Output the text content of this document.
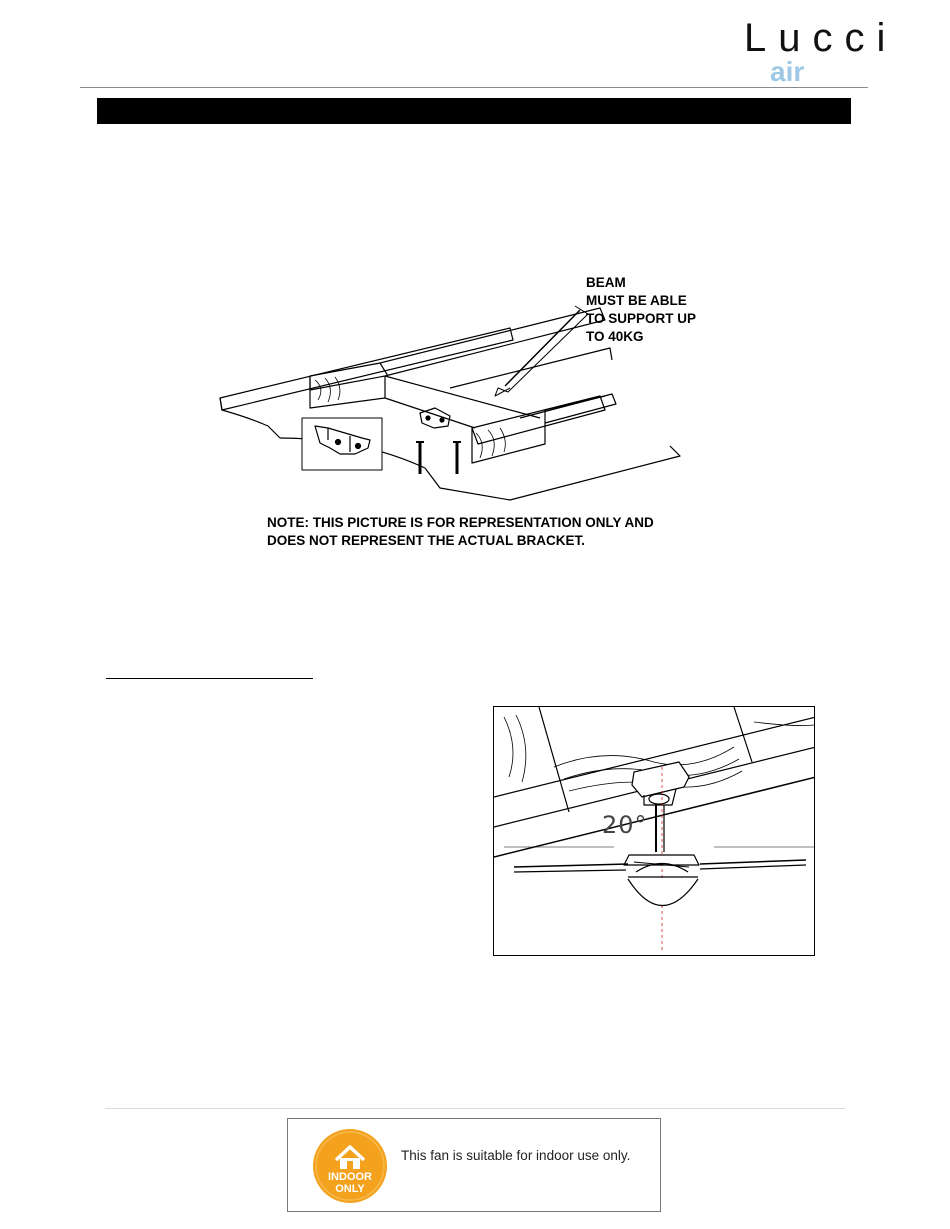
Lucci
air
BEAM
MUST BE ABLE
TO SUPPORT UP
TO 40KG
NOTE: THIS PICTURE IS FOR REPRESENTATION ONLY AND
DOES NOT REPRESENT THE ACTUAL BRACKET.
20°
INDOOR
ONLY
This fan is suitable for indoor use only.
